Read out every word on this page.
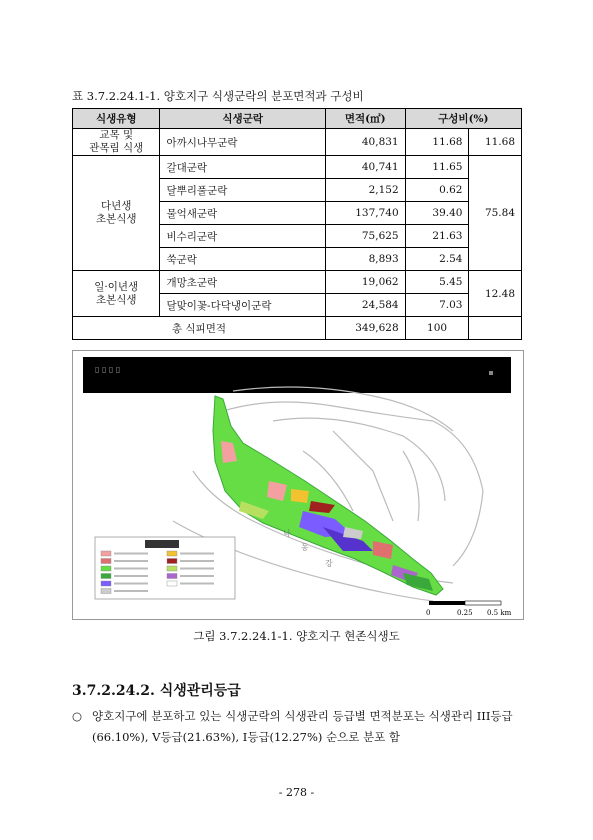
표 3.7.2.24.1-1. 양호지구 식생군락의 분포면적과 구성비
식생유형	식생군락	면적(㎡)	구성비(%)	
교목 및
관목림 식생	아까시나무군락	40,831	11.68	11.68
다년생
초본식생	갈대군락	40,741	11.65	75.84
	달뿌리풀군락	2,152	0.62	
	물억새군락	137,740	39.40	
	비수리군락	75,625	21.63	
	쑥군락	8,893	2.54	
일·이년생
초본식생	개망초군락	19,062	5.45	12.48
	달맞이꽃-다닥냉이군락	24,584	7.03	
총 식피면적		349,628	100	
▯ ▯ ▯ ▯
낙
동
강
0	0.25 0.5 km
그림 3.7.2.24.1-1. 양호지구 현존식생도
3.7.2.24.2. 식생관리등급
○ 양호지구에 분포하고 있는 식생군락의 식생관리 등급별 면적분포는 식생관리 III등급
(66.10%), V등급(21.63%), I등급(12.27%) 순으로 분포 함
- 278 -
